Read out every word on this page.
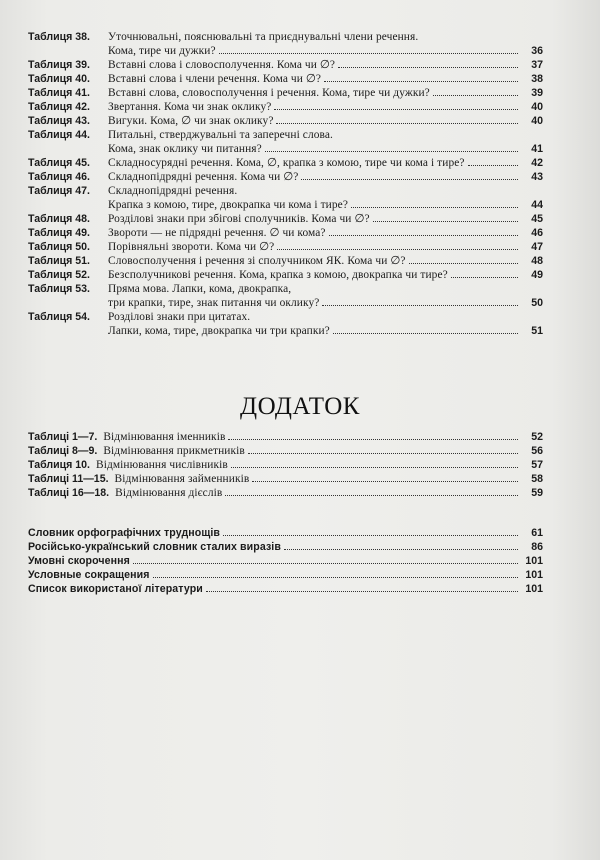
Таблиця 38.	Уточнювальні, пояснювальні та приєднувальні члени речення.
Кома, тире чи дужки?	36
Таблиця 39.	Вставні слова і словосполучення. Кома чи ∅?	37
Таблиця 40.	Вставні слова і члени речення. Кома чи ∅?	38
Таблиця 41.	Вставні слова, словосполучення і речення. Кома, тире чи дужки?	39
Таблиця 42.	Звертання. Кома чи знак оклику?	40
Таблиця 43.	Вигуки. Кома, ∅ чи знак оклику?	40
Таблиця 44.	Питальні, стверджувальні та заперечні слова.
Кома, знак оклику чи питання?	41
Таблиця 45.	Складносурядні речення. Кома, ∅, крапка з комою, тире чи кома і тире?	42
Таблиця 46.	Складнопідрядні речення. Кома чи ∅?	43
Таблиця 47.	Складнопідрядні речення.
Крапка з комою, тире, двокрапка чи кома і тире?	44
Таблиця 48.	Розділові знаки при збігові сполучників. Кома чи ∅?	45
Таблиця 49.	Звороти — не підрядні речення. ∅ чи кома?	46
Таблиця 50.	Порівняльні звороти. Кома чи ∅?	47
Таблиця 51.	Словосполучення і речення зі сполучником ЯК. Кома чи ∅?	48
Таблиця 52.	Безсполучникові речення. Кома, крапка з комою, двокрапка чи тире?	49
Таблиця 53.	Пряма мова. Лапки, кома, двокрапка,
три крапки, тире, знак питання чи оклику?	50
Таблиця 54.	Розділові знаки при цитатах.
Лапки, кома, тире, двокрапка чи три крапки?	51
ДОДАТОК
Таблиці 1—7. Відмінювання іменників	52
Таблиці 8—9. Відмінювання прикметників	56
Таблиця 10. Відмінювання числівників	57
Таблиці 11—15. Відмінювання займенників	58
Таблиці 16—18. Відмінювання дієслів	59
Словник орфографічних труднощів	61
Російсько-український словник сталих виразів	86
Умовні скорочення	101
Условные сокращения	101
Список використаної літератури	101
